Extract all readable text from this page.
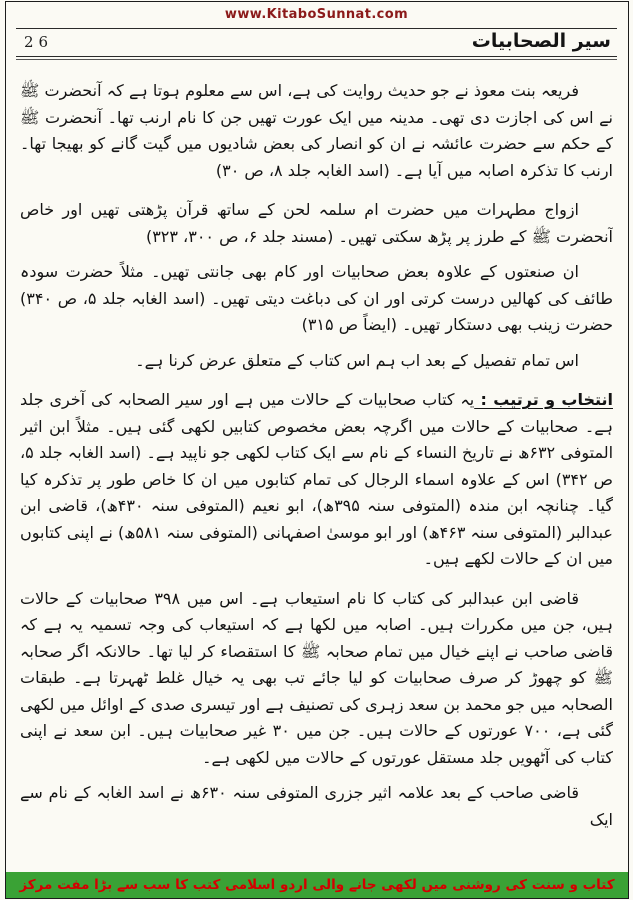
www.KitaboSunnat.com
26	سیر الصحابیات

فریعہ بنت معوذ نے جو حدیث روایت کی ہے، اس سے معلوم ہوتا ہے کہ آنحضرت ﷺ نے اس کی اجازت دی تھی۔ مدینہ میں ایک عورت تھیں جن کا نام ارنب تھا۔ آنحضرت ﷺ کے حکم سے حضرت عائشہ نے ان کو انصار کی بعض شادیوں میں گیت گانے کو بھیجا تھا۔ ارنب کا تذکرہ اصابہ میں آیا ہے۔ (اسد الغابہ جلد ۸، ص ۳۰)

ازواج مطہرات میں حضرت ام سلمہ لحن کے ساتھ قرآن پڑھتی تھیں اور خاص آنحضرت ﷺ کے طرز پر پڑھ سکتی تھیں۔ (مسند جلد ۶، ص ۳۰۰، ۳۲۳)

ان صنعتوں کے علاوہ بعض صحابیات اور کام بھی جانتی تھیں۔ مثلاً حضرت سودہ طائف کی کھالیں درست کرتی اور ان کی دباغت دیتی تھیں۔ (اسد الغابہ جلد ۵، ص ۳۴۰) حضرت زینب بھی دستکار تھیں۔ (ایضاً ص ۳۱۵)

اس تمام تفصیل کے بعد اب ہم اس کتاب کے متعلق عرض کرنا ہے۔

انتخاب و ترتیب : یہ کتاب صحابیات کے حالات میں ہے اور سیر الصحابہ کی آخری جلد ہے۔ صحابیات کے حالات میں اگرچہ بعض مخصوص کتابیں لکھی گئی ہیں۔ مثلاً ابن اثیر المتوفی ۶۳۲ھ نے تاریخ النساء کے نام سے ایک کتاب لکھی جو ناپید ہے۔ (اسد الغابہ جلد ۵، ص ۳۴۲) اس کے علاوہ اسماء الرجال کی تمام کتابوں میں ان کا خاص طور پر تذکرہ کیا گیا۔ چنانچہ ابن مندہ (المتوفی سنہ ۳۹۵ھ)، ابو نعیم (المتوفی سنہ ۴۳۰ھ)، قاضی ابن عبدالبر (المتوفی سنہ ۴۶۳ھ) اور ابو موسیٰ اصفہانی (المتوفی سنہ ۵۸۱ھ) نے اپنی کتابوں میں ان کے حالات لکھے ہیں۔

قاضی ابن عبدالبر کی کتاب کا نام استیعاب ہے۔ اس میں ۳۹۸ صحابیات کے حالات ہیں، جن میں مکررات ہیں۔ اصابہ میں لکھا ہے کہ استیعاب کی وجہ تسمیہ یہ ہے کہ قاضی صاحب نے اپنے خیال میں تمام صحابہ ﷺ کا استقصاء کر لیا تھا۔ حالانکہ اگر صحابہ ﷺ کو چھوڑ کر صرف صحابیات کو لیا جائے تب بھی یہ خیال غلط ٹھہرتا ہے۔ طبقات الصحابہ میں جو محمد بن سعد زہری کی تصنیف ہے اور تیسری صدی کے اوائل میں لکھی گئی ہے، ۷۰۰ عورتوں کے حالات ہیں۔ جن میں ۳۰ غیر صحابیات ہیں۔ ابن سعد نے اپنی کتاب کی آٹھویں جلد مستقل عورتوں کے حالات میں لکھی ہے۔

قاضی صاحب کے بعد علامہ اثیر جزری المتوفی سنہ ۶۳۰ھ نے اسد الغابہ کے نام سے ایک

کتاب و سنت کی روشنی میں لکھی جانے والی اردو اسلامی کتب کا سب سے بڑا مفت مرکز
